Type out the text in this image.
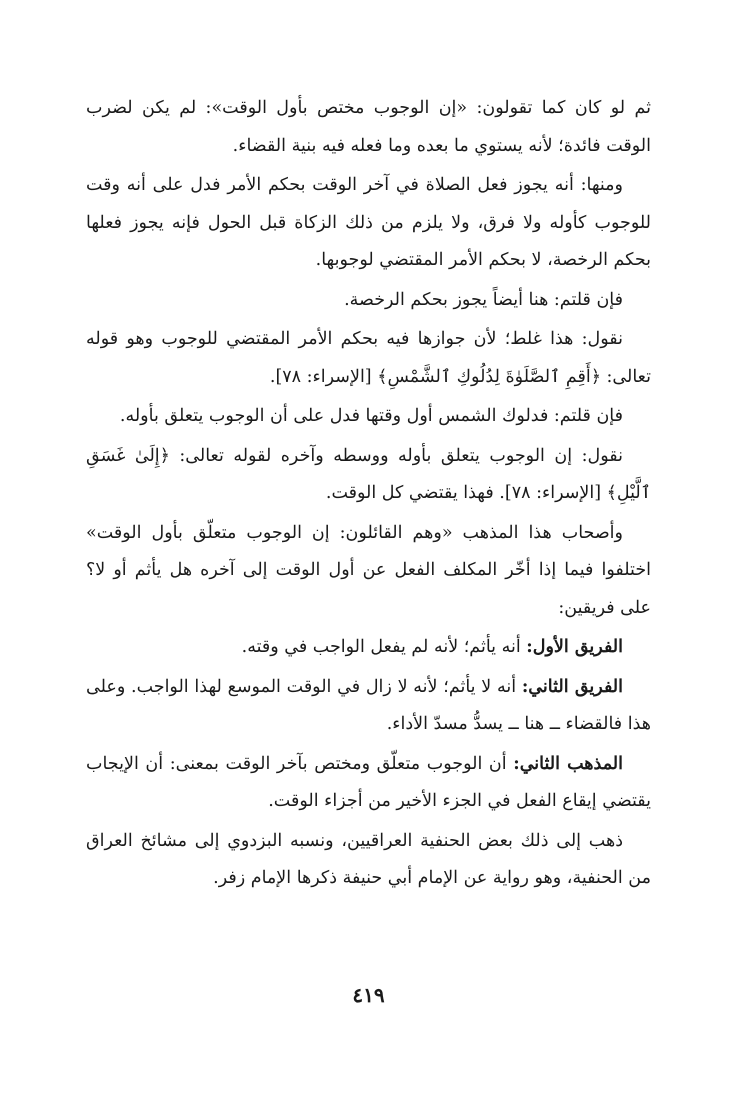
ثم لو كان كما تقولون: «إن الوجوب مختص بأول الوقت»: لم يكن لضرب الوقت فائدة؛ لأنه يستوي ما بعده وما فعله فيه بنية القضاء.

ومنها: أنه يجوز فعل الصلاة في آخر الوقت بحكم الأمر فدل على أنه وقت للوجوب كأوله ولا فرق، ولا يلزم من ذلك الزكاة قبل الحول فإنه يجوز فعلها بحكم الرخصة، لا بحكم الأمر المقتضي لوجوبها.

فإن قلتم: هنا أيضاً يجوز بحكم الرخصة.

نقول: هذا غلط؛ لأن جوازها فيه بحكم الأمر المقتضي للوجوب وهو قوله تعالى: ﴿أَقِمِ ٱلصَّلَوٰةَ لِدُلُوكِ ٱلشَّمْسِ﴾ [الإسراء: ٧٨].

فإن قلتم: فدلوك الشمس أول وقتها فدل على أن الوجوب يتعلق بأوله.

نقول: إن الوجوب يتعلق بأوله ووسطه وآخره لقوله تعالى: ﴿إِلَىٰ غَسَقِ ٱلَّيْلِ﴾ [الإسراء: ٧٨]. فهذا يقتضي كل الوقت.

وأصحاب هذا المذهب «وهم القائلون: إن الوجوب متعلّق بأول الوقت» اختلفوا فيما إذا أخّر المكلف الفعل عن أول الوقت إلى آخره هل يأثم أو لا؟ على فريقين:

الفريق الأول: أنه يأثم؛ لأنه لم يفعل الواجب في وقته.

الفريق الثاني: أنه لا يأثم؛ لأنه لا زال في الوقت الموسع لهذا الواجب. وعلى هذا فالقضاء ــ هنا ــ يسدُّ مسدّ الأداء.

المذهب الثاني: أن الوجوب متعلّق ومختص بآخر الوقت بمعنى: أن الإيجاب يقتضي إيقاع الفعل في الجزء الأخير من أجزاء الوقت.

ذهب إلى ذلك بعض الحنفية العراقيين، ونسبه البزدوي إلى مشائخ العراق من الحنفية، وهو رواية عن الإمام أبي حنيفة ذكرها الإمام زفر.

٤١٩
